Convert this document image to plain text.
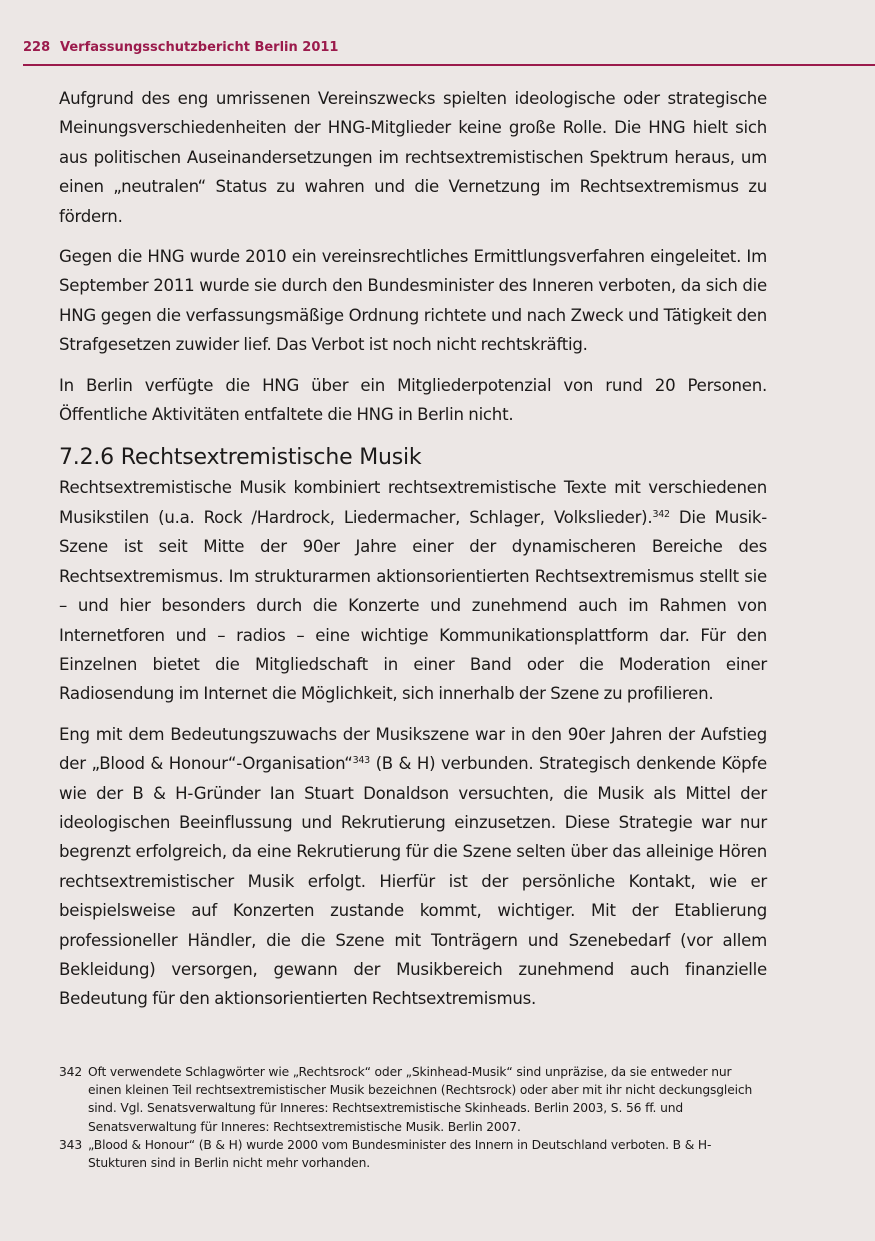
228 Verfassungsschutzbericht Berlin 2011

Aufgrund des eng umrissenen Vereinszwecks spielten ideologische oder strategische Meinungsverschiedenheiten der HNG-Mitglieder keine große Rolle. Die HNG hielt sich aus politischen Auseinandersetzungen im rechtsextremistischen Spektrum heraus, um einen „neutralen“ Status zu wahren und die Vernetzung im Rechtsextremismus zu fördern.

Gegen die HNG wurde 2010 ein vereinsrechtliches Ermittlungsverfahren eingeleitet. Im September 2011 wurde sie durch den Bundesminister des Inneren verboten, da sich die HNG gegen die verfassungsmäßige Ordnung richtete und nach Zweck und Tätigkeit den Strafgesetzen zuwider lief. Das Verbot ist noch nicht rechtskräftig.

In Berlin verfügte die HNG über ein Mitgliederpotenzial von rund 20 Personen. Öffentliche Aktivitäten entfaltete die HNG in Berlin nicht.

7.2.6 Rechtsextremistische Musik

Rechtsextremistische Musik kombiniert rechtsextremistische Texte mit verschiedenen Musikstilen (u.a. Rock /Hardrock, Liedermacher, Schlager, Volkslieder).$^{342}$ Die Musik-Szene ist seit Mitte der 90er Jahre einer der dynamischeren Bereiche des Rechtsextremismus. Im strukturarmen aktionsorientierten Rechtsextremismus stellt sie – und hier besonders durch die Konzerte und zunehmend auch im Rahmen von Internetforen und – radios – eine wichtige Kommunikationsplattform dar. Für den Einzelnen bietet die Mitgliedschaft in einer Band oder die Moderation einer Radiosendung im Internet die Möglichkeit, sich innerhalb der Szene zu profilieren.

Eng mit dem Bedeutungszuwachs der Musikszene war in den 90er Jahren der Aufstieg der „Blood & Honour“-Organisation“$^{343}$ (B & H) verbunden. Strategisch denkende Köpfe wie der B & H-Gründer Ian Stuart Donaldson versuchten, die Musik als Mittel der ideologischen Beeinflussung und Rekrutierung einzusetzen. Diese Strategie war nur begrenzt erfolgreich, da eine Rekrutierung für die Szene selten über das alleinige Hören rechtsextremistischer Musik erfolgt. Hierfür ist der persönliche Kontakt, wie er beispielsweise auf Konzerten zustande kommt, wichtiger. Mit der Etablierung professioneller Händler, die die Szene mit Tonträgern und Szenebedarf (vor allem Bekleidung) versorgen, gewann der Musikbereich zunehmend auch finanzielle Bedeutung für den aktionsorientierten Rechtsextremismus.

342 Oft verwendete Schlagwörter wie „Rechtsrock“ oder „Skinhead-Musik“ sind unpräzise, da sie entweder nur einen kleinen Teil rechtsextremistischer Musik bezeichnen (Rechtsrock) oder aber mit ihr nicht deckungsgleich sind. Vgl. Senatsverwaltung für Inneres: Rechtsextremistische Skinheads. Berlin 2003, S. 56 ff. und Senatsverwaltung für Inneres: Rechtsextremistische Musik. Berlin 2007.
343 „Blood & Honour“ (B & H) wurde 2000 vom Bundesminister des Innern in Deutschland verboten. B & H-Stukturen sind in Berlin nicht mehr vorhanden.
